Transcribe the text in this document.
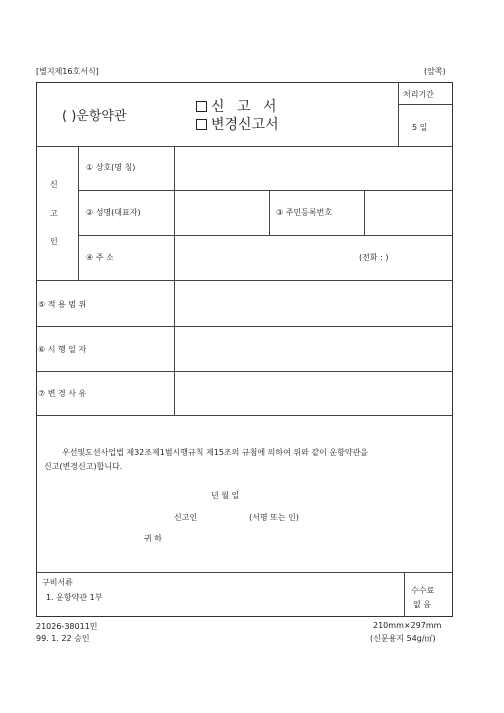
[별지제16호서식]	(앞쪽)
( )운항약관
신 고 서
변경신고서
처리기간
5 일
신
고
인
① 상호(명 칭)
② 성명(대표자)	③ 주민등록번호
④ 주 소	(전화 : )
⑤ 적 용 범 위
⑥ 시 행 일 자
⑦ 변 경 사 유
우선및도선사업법 제32조제1범시행규칙 제15조의 규첨에 의하여 위와 같이 운항약관을
신고(변경신고)합니다.
년 월 일
신고인	(서명 또는 인)
귀 하
구비서류
1. 운항약관 1부
수수료
없 음
21026-38011민
99. 1. 22 승인
210mm×297mm
(신문용지 54g/㎡)
